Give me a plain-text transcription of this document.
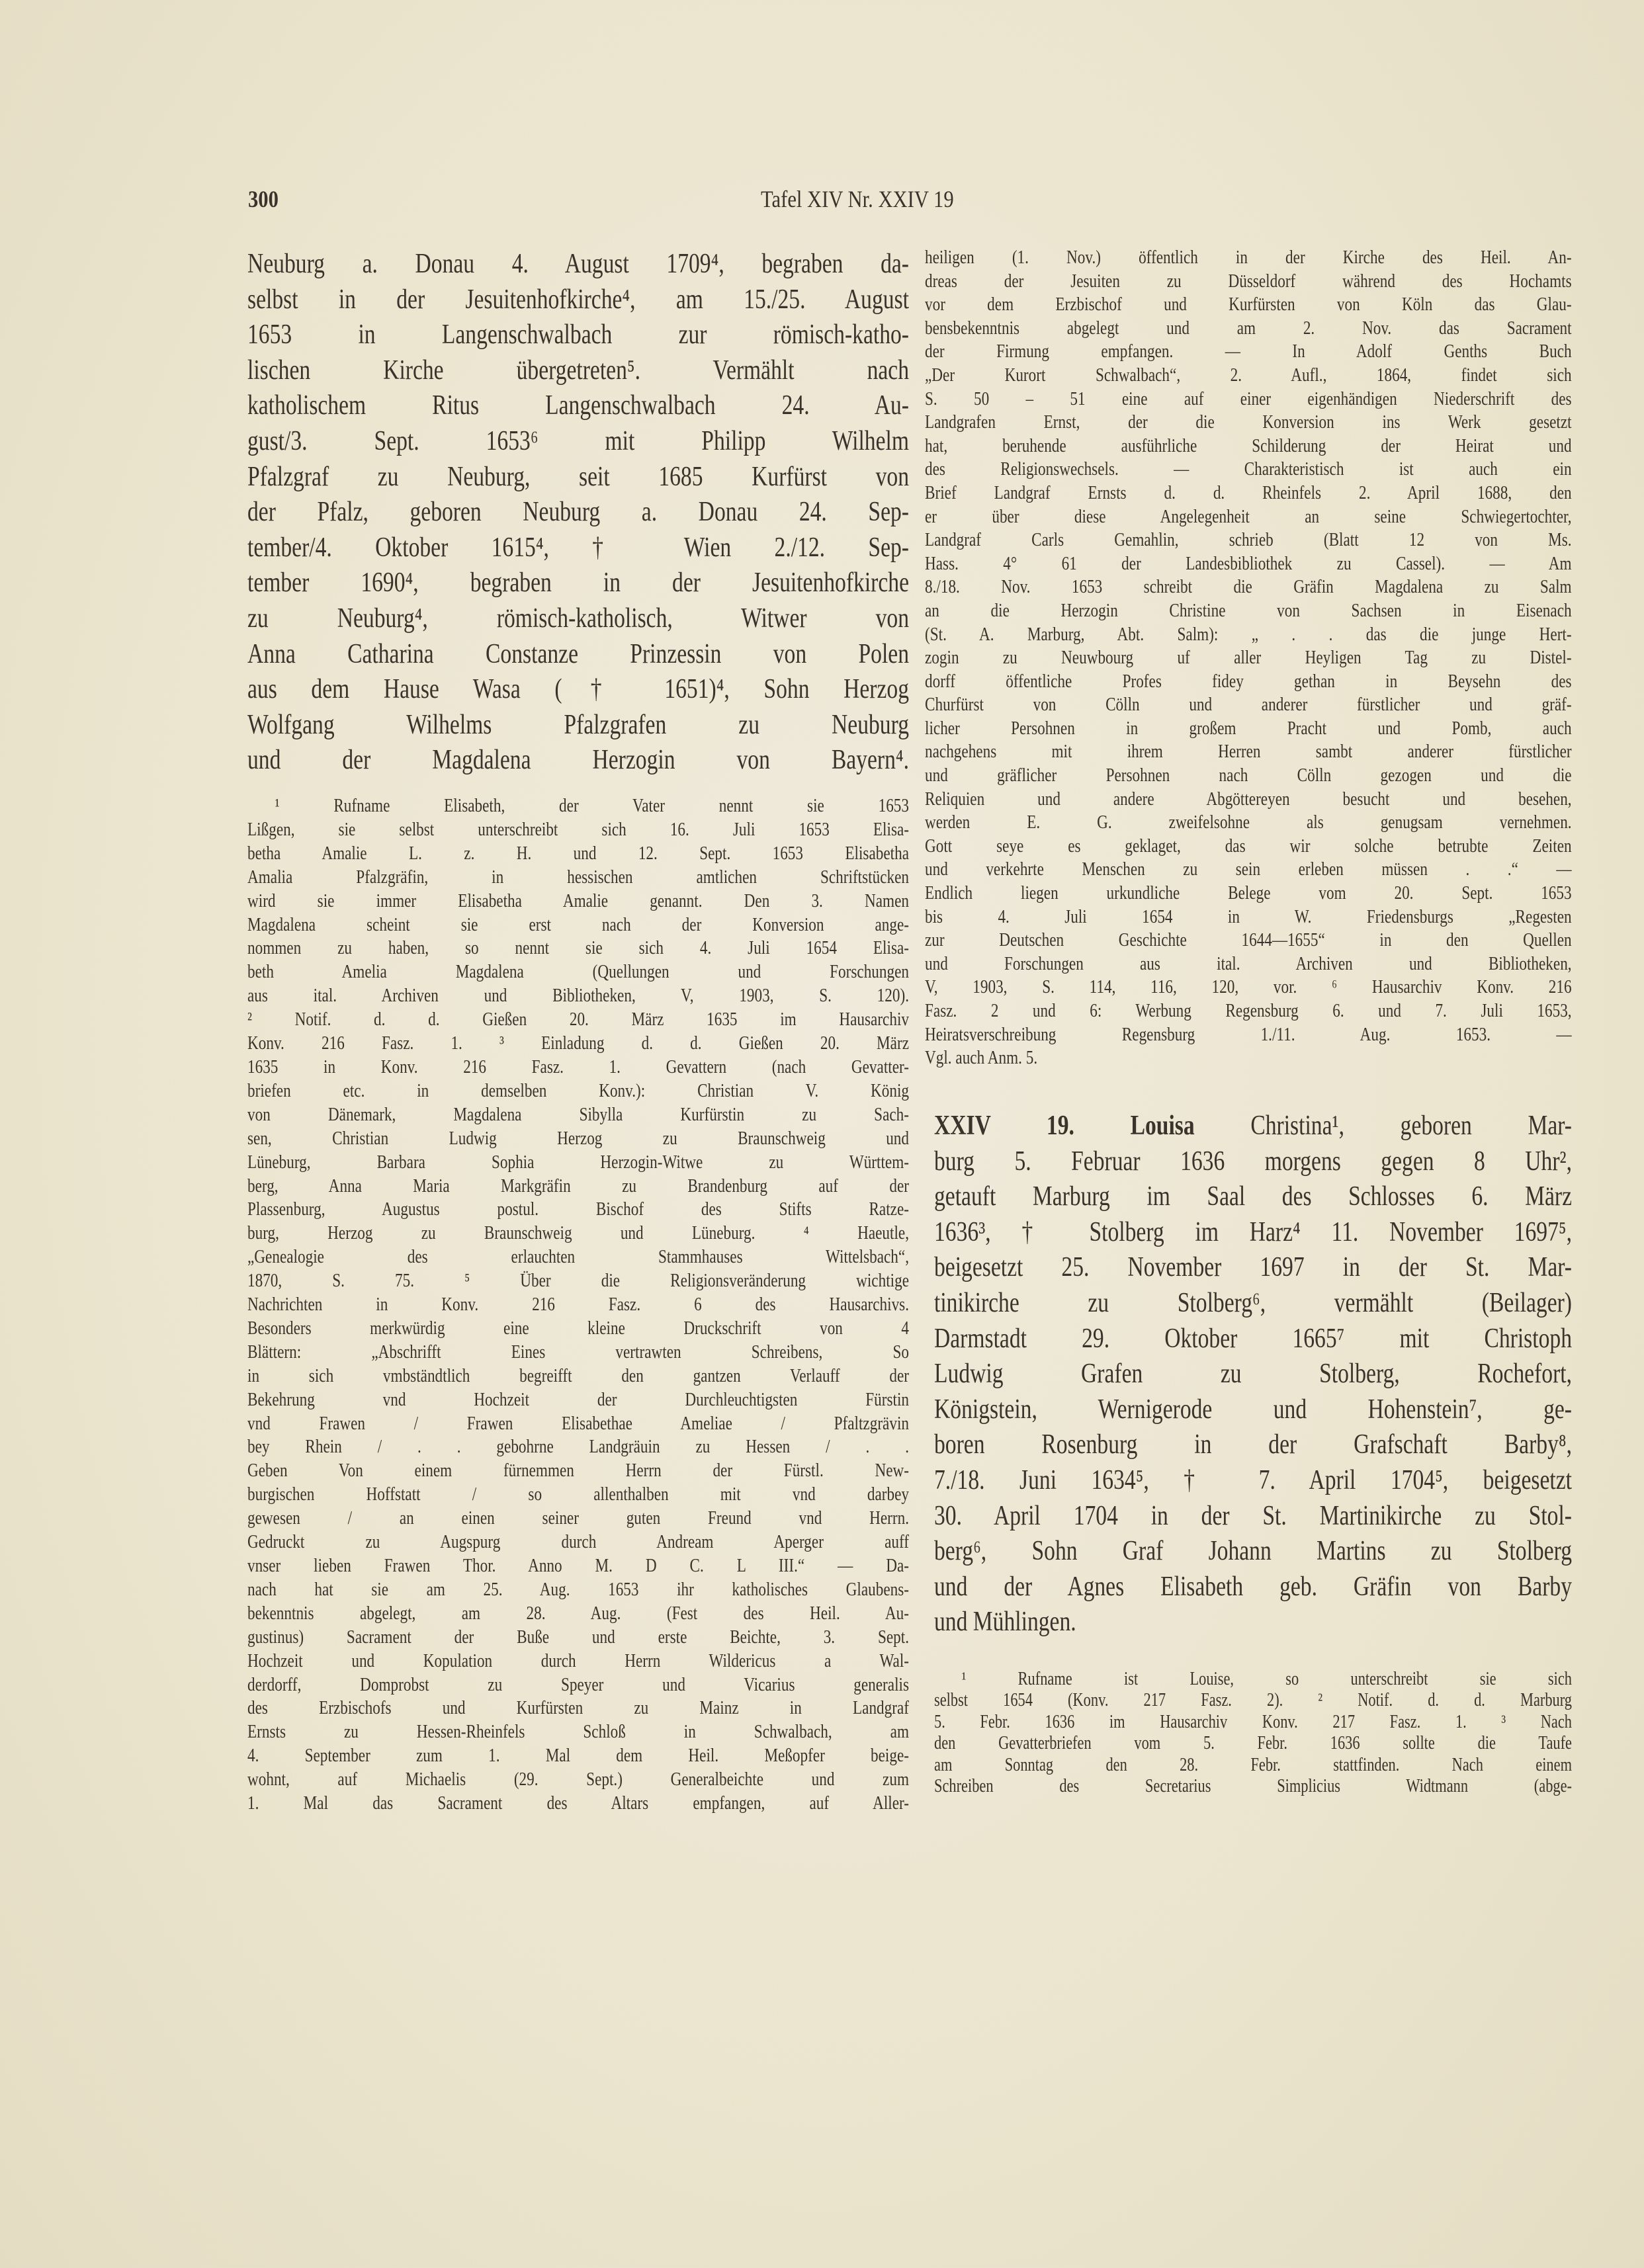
300	Tafel XIV Nr. XXIV 19
Neuburg a. Donau 4. August 1709⁴, begraben da-
selbst in der Jesuitenhofkirche⁴, am 15./25. August
1653 in Langenschwalbach zur römisch-katho-
lischen Kirche übergetreten⁵. Vermählt nach
katholischem Ritus Langenschwalbach 24. Au-
gust/3. Sept. 1653⁶ mit Philipp Wilhelm
Pfalzgraf zu Neuburg, seit 1685 Kurfürst von
der Pfalz, geboren Neuburg a. Donau 24. Sep-
tember/4. Oktober 1615⁴, † Wien 2./12. Sep-
tember 1690⁴, begraben in der Jesuitenhofkirche
zu Neuburg⁴, römisch-katholisch, Witwer von
Anna Catharina Constanze Prinzessin von Polen
aus dem Hause Wasa († 1651)⁴, Sohn Herzog
Wolfgang Wilhelms Pfalzgrafen zu Neuburg
und der Magdalena Herzogin von Bayern⁴.
¹ Rufname Elisabeth, der Vater nennt sie 1653
Lißgen, sie selbst unterschreibt sich 16. Juli 1653 Elisa-
betha Amalie L. z. H. und 12. Sept. 1653 Elisabetha
Amalia Pfalzgräfin, in hessischen amtlichen Schriftstücken
wird sie immer Elisabetha Amalie genannt. Den 3. Namen
Magdalena scheint sie erst nach der Konversion ange-
nommen zu haben, so nennt sie sich 4. Juli 1654 Elisa-
beth Amelia Magdalena (Quellungen und Forschungen
aus ital. Archiven und Bibliotheken, V, 1903, S. 120).
² Notif. d. d. Gießen 20. März 1635 im Hausarchiv
Konv. 216 Fasz. 1. ³ Einladung d. d. Gießen 20. März
1635 in Konv. 216 Fasz. 1. Gevattern (nach Gevatter-
briefen etc. in demselben Konv.): Christian V. König
von Dänemark, Magdalena Sibylla Kurfürstin zu Sach-
sen, Christian Ludwig Herzog zu Braunschweig und
Lüneburg, Barbara Sophia Herzogin-Witwe zu Württem-
berg, Anna Maria Markgräfin zu Brandenburg auf der
Plassenburg, Augustus postul. Bischof des Stifts Ratze-
burg, Herzog zu Braunschweig und Lüneburg. ⁴ Haeutle,
„Genealogie des erlauchten Stammhauses Wittelsbach“,
1870, S. 75. ⁵ Über die Religionsveränderung wichtige
Nachrichten in Konv. 216 Fasz. 6 des Hausarchivs.
Besonders merkwürdig eine kleine Druckschrift von 4
Blättern: „Abschrifft Eines vertrawten Schreibens, So
in sich vmbständtlich begreifft den gantzen Verlauff der
Bekehrung vnd Hochzeit der Durchleuchtigsten Fürstin
vnd Frawen / Frawen Elisabethae Ameliae / Pfaltzgrävin
bey Rhein / . . gebohrne Landgräuin zu Hessen / . .
Geben Von einem fürnemmen Herrn der Fürstl. New-
burgischen Hoffstatt / so allenthalben mit vnd darbey
gewesen / an einen seiner guten Freund vnd Herrn.
Gedruckt zu Augspurg durch Andream Aperger auff
vnser lieben Frawen Thor. Anno M. D C. L III.“ — Da-
nach hat sie am 25. Aug. 1653 ihr katholisches Glaubens-
bekenntnis abgelegt, am 28. Aug. (Fest des Heil. Au-
gustinus) Sacrament der Buße und erste Beichte, 3. Sept.
Hochzeit und Kopulation durch Herrn Wildericus a Wal-
derdorff, Domprobst zu Speyer und Vicarius generalis
des Erzbischofs und Kurfürsten zu Mainz in Landgraf
Ernsts zu Hessen-Rheinfels Schloß in Schwalbach, am
4. September zum 1. Mal dem Heil. Meßopfer beige-
wohnt, auf Michaelis (29. Sept.) Generalbeichte und zum
1. Mal das Sacrament des Altars empfangen, auf Aller-
heiligen (1. Nov.) öffentlich in der Kirche des Heil. An-
dreas der Jesuiten zu Düsseldorf während des Hochamts
vor dem Erzbischof und Kurfürsten von Köln das Glau-
bensbekenntnis abgelegt und am 2. Nov. das Sacrament
der Firmung empfangen. — In Adolf Genths Buch
„Der Kurort Schwalbach“, 2. Aufl., 1864, findet sich
S. 50 – 51 eine auf einer eigenhändigen Niederschrift des
Landgrafen Ernst, der die Konversion ins Werk gesetzt
hat, beruhende ausführliche Schilderung der Heirat und
des Religionswechsels. — Charakteristisch ist auch ein
Brief Landgraf Ernsts d. d. Rheinfels 2. April 1688, den
er über diese Angelegenheit an seine Schwiegertochter,
Landgraf Carls Gemahlin, schrieb (Blatt 12 von Ms.
Hass. 4° 61 der Landesbibliothek zu Cassel). — Am
8./18. Nov. 1653 schreibt die Gräfin Magdalena zu Salm
an die Herzogin Christine von Sachsen in Eisenach
(St. A. Marburg, Abt. Salm): „ . . das die junge Hert-
zogin zu Neuwbourg uf aller Heyligen Tag zu Distel-
dorff öffentliche Profes fidey gethan in Beysehn des
Churfürst von Cölln und anderer fürstlicher und gräf-
licher Persohnen in großem Pracht und Pomb, auch
nachgehens mit ihrem Herren sambt anderer fürstlicher
und gräflicher Persohnen nach Cölln gezogen und die
Reliquien und andere Abgöttereyen besucht und besehen,
werden E. G. zweifelsohne als genugsam vernehmen.
Gott seye es geklaget, das wir solche betrubte Zeiten
und verkehrte Menschen zu sein erleben müssen . .“ —
Endlich liegen urkundliche Belege vom 20. Sept. 1653
bis 4. Juli 1654 in W. Friedensburgs „Regesten
zur Deutschen Geschichte 1644—1655“ in den Quellen
und Forschungen aus ital. Archiven und Bibliotheken,
V, 1903, S. 114, 116, 120, vor. ⁶ Hausarchiv Konv. 216
Fasz. 2 und 6: Werbung Regensburg 6. und 7. Juli 1653,
Heiratsverschreibung Regensburg 1./11. Aug. 1653. —
Vgl. auch Anm. 5.
XXIV 19. Louisa Christina¹, geboren Mar-
burg 5. Februar 1636 morgens gegen 8 Uhr²,
getauft Marburg im Saal des Schlosses 6. März
1636³, † Stolberg im Harz⁴ 11. November 1697⁵,
beigesetzt 25. November 1697 in der St. Mar-
tinikirche zu Stolberg⁶, vermählt (Beilager)
Darmstadt 29. Oktober 1665⁷ mit Christoph
Ludwig Grafen zu Stolberg, Rochefort,
Königstein, Wernigerode und Hohenstein⁷, ge-
boren Rosenburg in der Grafschaft Barby⁸,
7./18. Juni 1634⁵, † 7. April 1704⁵, beigesetzt
30. April 1704 in der St. Martinikirche zu Stol-
berg⁶, Sohn Graf Johann Martins zu Stolberg
und der Agnes Elisabeth geb. Gräfin von Barby
und Mühlingen.
¹ Rufname ist Louise, so unterschreibt sie sich
selbst 1654 (Konv. 217 Fasz. 2). ² Notif. d. d. Marburg
5. Febr. 1636 im Hausarchiv Konv. 217 Fasz. 1. ³ Nach
den Gevatterbriefen vom 5. Febr. 1636 sollte die Taufe
am Sonntag den 28. Febr. stattfinden. Nach einem
Schreiben des Secretarius Simplicius Widtmann (abge-
